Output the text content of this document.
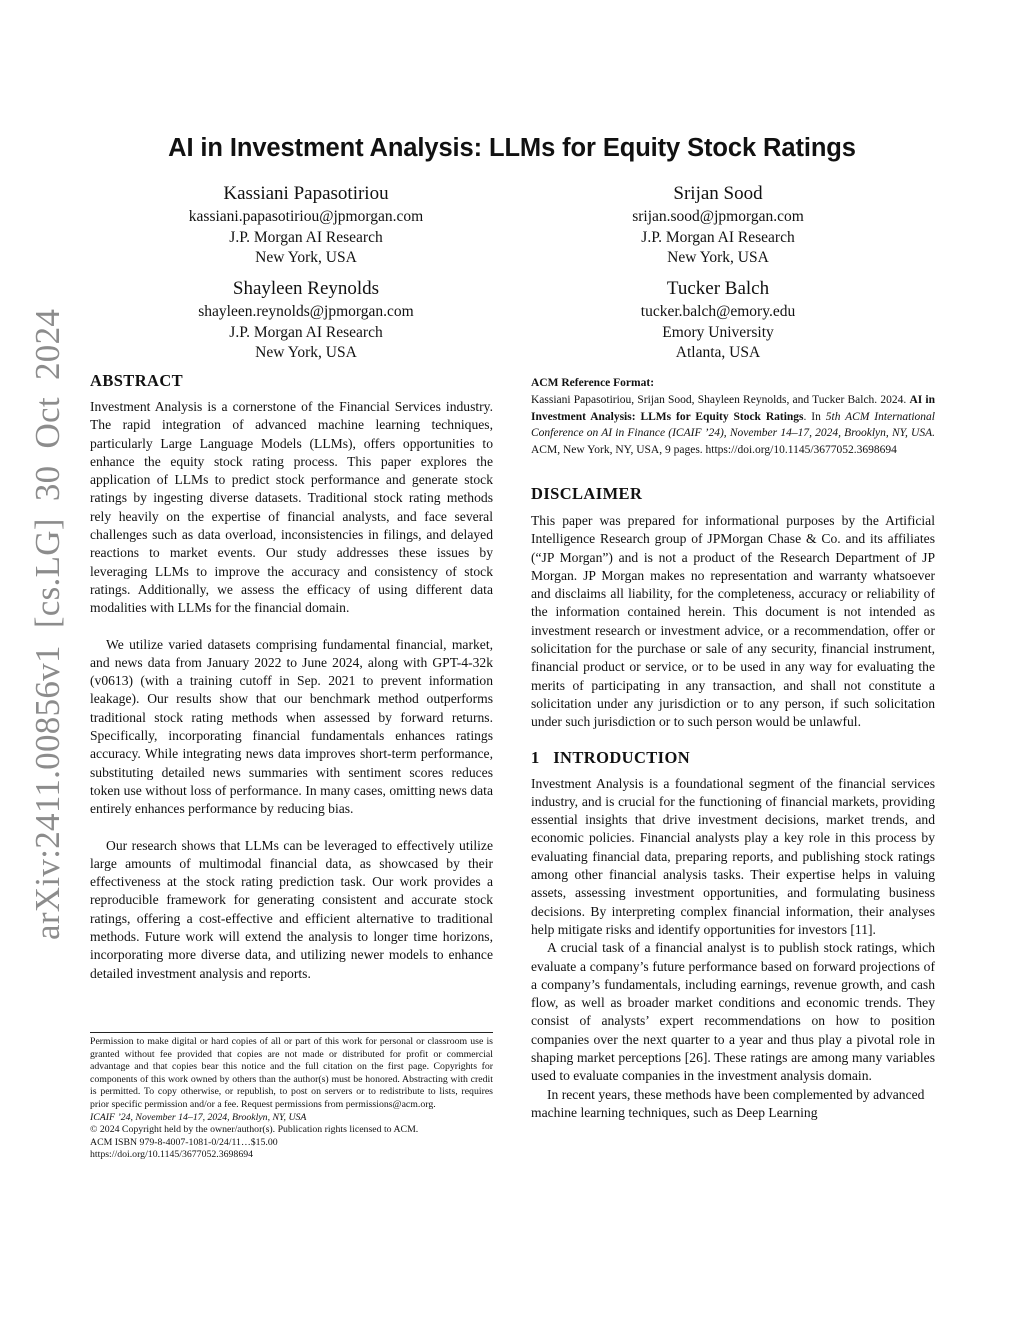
arXiv:2411.00856v1 [cs.LG] 30 Oct 2024
AI in Investment Analysis: LLMs for Equity Stock Ratings
Kassiani Papasotiriou
kassiani.papasotiriou@jpmorgan.com
J.P. Morgan AI Research
New York, USA
Srijan Sood
srijan.sood@jpmorgan.com
J.P. Morgan AI Research
New York, USA
Shayleen Reynolds
shayleen.reynolds@jpmorgan.com
J.P. Morgan AI Research
New York, USA
Tucker Balch
tucker.balch@emory.edu
Emory University
Atlanta, USA
ABSTRACT

Investment Analysis is a cornerstone of the Financial Services industry. The rapid integration of advanced machine learning techniques, particularly Large Language Models (LLMs), offers opportunities to enhance the equity stock rating process. This paper explores the application of LLMs to predict stock performance and generate stock ratings by ingesting diverse datasets. Traditional stock rating methods rely heavily on the expertise of financial analysts, and face several challenges such as data overload, inconsistencies in filings, and delayed reactions to market events. Our study addresses these issues by leveraging LLMs to improve the accuracy and consistency of stock ratings. Additionally, we assess the efficacy of using different data modalities with LLMs for the financial domain.

We utilize varied datasets comprising fundamental financial, market, and news data from January 2022 to June 2024, along with GPT-4-32k (v0613) (with a training cutoff in Sep. 2021 to prevent information leakage). Our results show that our benchmark method outperforms traditional stock rating methods when assessed by forward returns. Specifically, incorporating financial fundamentals enhances ratings accuracy. While integrating news data improves short-term performance, substituting detailed news summaries with sentiment scores reduces token use without loss of performance. In many cases, omitting news data entirely enhances performance by reducing bias.

Our research shows that LLMs can be leveraged to effectively utilize large amounts of multimodal financial data, as showcased by their effectiveness at the stock rating prediction task. Our work provides a reproducible framework for generating consistent and accurate stock ratings, offering a cost-effective and efficient alternative to traditional methods. Future work will extend the analysis to longer time horizons, incorporating more diverse data, and utilizing newer models to enhance detailed investment analysis and reports.

Permission to make digital or hard copies of all or part of this work for personal or classroom use is granted without fee provided that copies are not made or distributed for profit or commercial advantage and that copies bear this notice and the full citation on the first page. Copyrights for components of this work owned by others than the author(s) must be honored. Abstracting with credit is permitted. To copy otherwise, or republish, to post on servers or to redistribute to lists, requires prior specific permission and/or a fee. Request permissions from permissions@acm.org.
ICAIF ’24, November 14–17, 2024, Brooklyn, NY, USA
© 2024 Copyright held by the owner/author(s). Publication rights licensed to ACM.
ACM ISBN 979-8-4007-1081-0/24/11…$15.00
https://doi.org/10.1145/3677052.3698694
ACM Reference Format:
Kassiani Papasotiriou, Srijan Sood, Shayleen Reynolds, and Tucker Balch. 2024. AI in Investment Analysis: LLMs for Equity Stock Ratings. In 5th ACM International Conference on AI in Finance (ICAIF ’24), November 14–17, 2024, Brooklyn, NY, USA. ACM, New York, NY, USA, 9 pages. https://doi.org/10.1145/3677052.3698694
DISCLAIMER

This paper was prepared for informational purposes by the Artificial Intelligence Research group of JPMorgan Chase & Co. and its affiliates (“JP Morgan”) and is not a product of the Research Department of JP Morgan. JP Morgan makes no representation and warranty whatsoever and disclaims all liability, for the completeness, accuracy or reliability of the information contained herein. This document is not intended as investment research or investment advice, or a recommendation, offer or solicitation for the purchase or sale of any security, financial instrument, financial product or service, or to be used in any way for evaluating the merits of participating in any transaction, and shall not constitute a solicitation under any jurisdiction or to any person, if such solicitation under such jurisdiction or to such person would be unlawful.

1   INTRODUCTION

Investment Analysis is a foundational segment of the financial services industry, and is crucial for the functioning of financial markets, providing essential insights that drive investment decisions, market trends, and economic policies. Financial analysts play a key role in this process by evaluating financial data, preparing reports, and publishing stock ratings among other financial analysis tasks. Their expertise helps in valuing assets, assessing investment opportunities, and formulating business decisions. By interpreting complex financial information, their analyses help mitigate risks and identify opportunities for investors [11].

A crucial task of a financial analyst is to publish stock ratings, which evaluate a company’s future performance based on forward projections of a company’s fundamentals, including earnings, revenue growth, and cash flow, as well as broader market conditions and economic trends. They consist of analysts’ expert recommendations on how to position companies over the next quarter to a year and thus play a pivotal role in shaping market perceptions [26]. These ratings are among many variables used to evaluate companies in the investment analysis domain.

In recent years, these methods have been complemented by advanced machine learning techniques, such as Deep Learning
